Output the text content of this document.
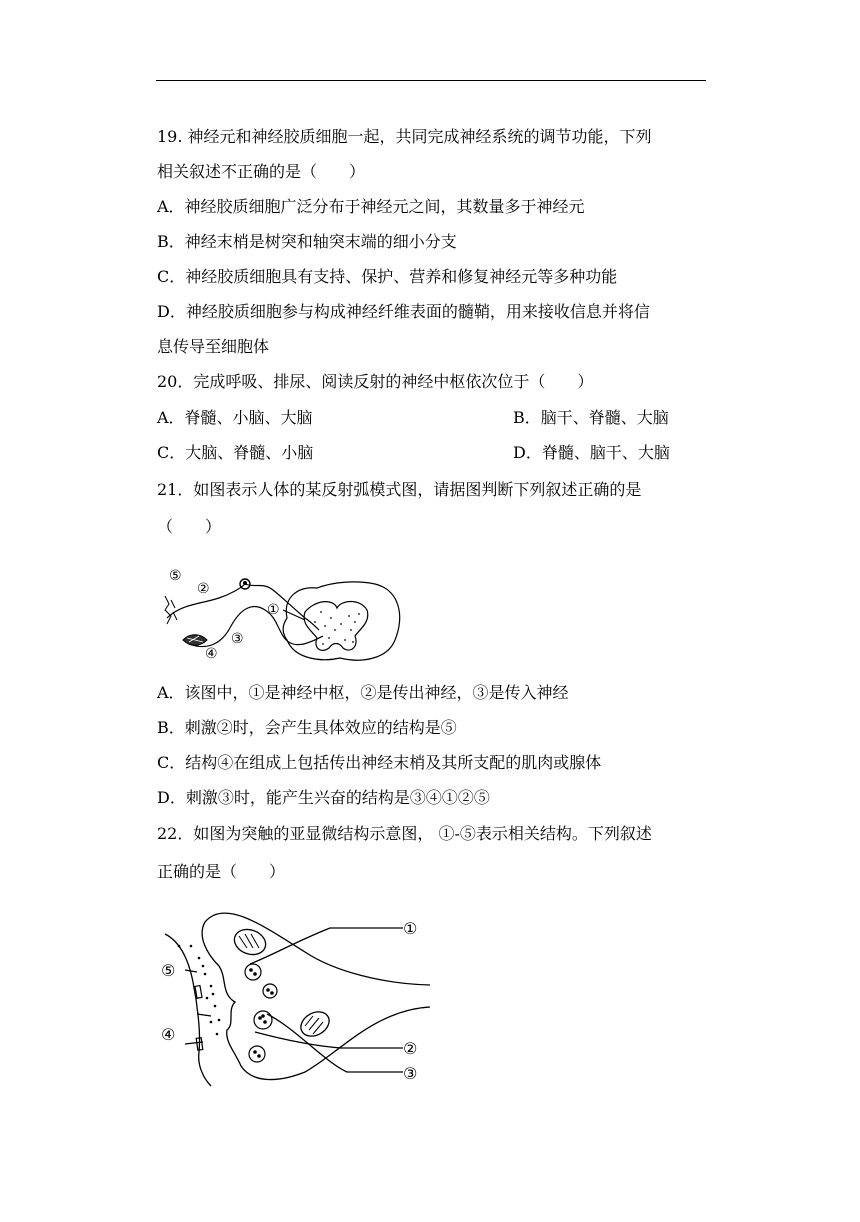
19. 神经元和神经胶质细胞一起，共同完成神经系统的调节功能，下列
相关叙述不正确的是（　　）
A．神经胶质细胞广泛分布于神经元之间，其数量多于神经元
B．神经末梢是树突和轴突末端的细小分支
C．神经胶质细胞具有支持、保护、营养和修复神经元等多种功能
D．神经胶质细胞参与构成神经纤维表面的髓鞘，用来接收信息并将信
息传导至细胞体
20．完成呼吸、排尿、阅读反射的神经中枢依次位于（　　）
A．脊髓、小脑、大脑	B．脑干、脊髓、大脑
C．大脑、脊髓、小脑	D．脊髓、脑干、大脑
21．如图表示人体的某反射弧模式图，请据图判断下列叙述正确的是
（　　）
⑤
②
①
③
④
A．该图中，①是神经中枢，②是传出神经，③是传入神经
B．刺激②时，会产生具体效应的结构是⑤
C．结构④在组成上包括传出神经末梢及其所支配的肌肉或腺体
D．刺激③时，能产生兴奋的结构是③④①②⑤
22．如图为突触的亚显微结构示意图， ①-⑤表示相关结构。下列叙述
正确的是（　　）
①
⑤
④
②
③
